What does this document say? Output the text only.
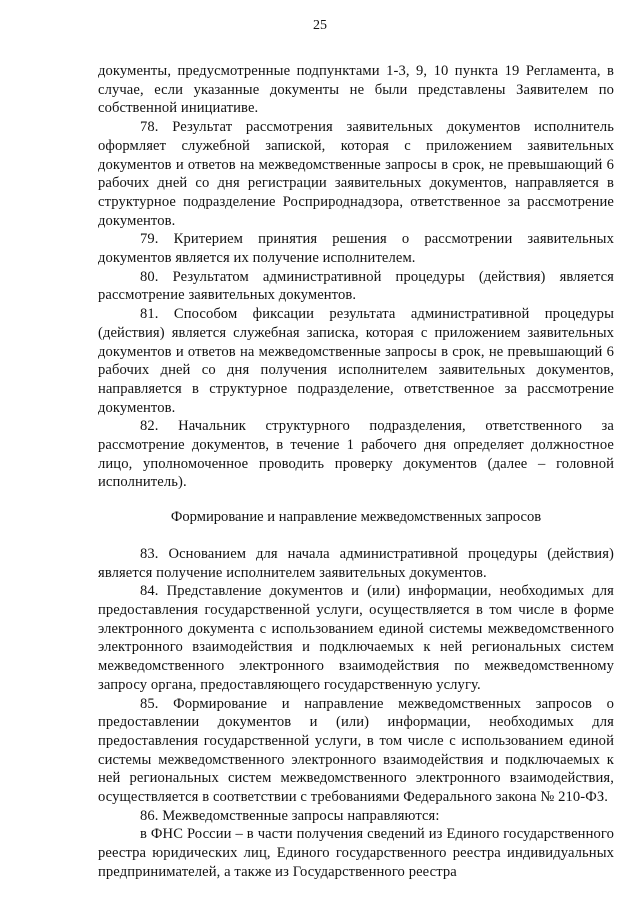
25

документы, предусмотренные подпунктами 1-3, 9, 10 пункта 19 Регламента, в случае, если указанные документы не были представлены Заявителем по собственной инициативе.

78. Результат рассмотрения заявительных документов исполнитель оформляет служебной запиской, которая с приложением заявительных документов и ответов на межведомственные запросы в срок, не превышающий 6 рабочих дней со дня регистрации заявительных документов, направляется в структурное подразделение Росприроднадзора, ответственное за рассмотрение документов.

79. Критерием принятия решения о рассмотрении заявительных документов является их получение исполнителем.

80. Результатом административной процедуры (действия) является рассмотрение заявительных документов.

81. Способом фиксации результата административной процедуры (действия) является служебная записка, которая с приложением заявительных документов и ответов на межведомственные запросы в срок, не превышающий 6 рабочих дней со дня получения исполнителем заявительных документов, направляется в структурное подразделение, ответственное за рассмотрение документов.

82. Начальник структурного подразделения, ответственного за рассмотрение документов, в течение 1 рабочего дня определяет должностное лицо, уполномоченное проводить проверку документов (далее – головной исполнитель).

Формирование и направление межведомственных запросов

83. Основанием для начала административной процедуры (действия) является получение исполнителем заявительных документов.

84. Представление документов и (или) информации, необходимых для предоставления государственной услуги, осуществляется в том числе в форме электронного документа с использованием единой системы межведомственного электронного взаимодействия и подключаемых к ней региональных систем межведомственного электронного взаимодействия по межведомственному запросу органа, предоставляющего государственную услугу.

85. Формирование и направление межведомственных запросов о предоставлении документов и (или) информации, необходимых для предоставления государственной услуги, в том числе с использованием единой системы межведомственного электронного взаимодействия и подключаемых к ней региональных систем межведомственного электронного взаимодействия, осуществляется в соответствии с требованиями Федерального закона № 210-ФЗ.

86. Межведомственные запросы направляются:

в ФНС России – в части получения сведений из Единого государственного реестра юридических лиц, Единого государственного реестра индивидуальных предпринимателей, а также из Государственного реестра
